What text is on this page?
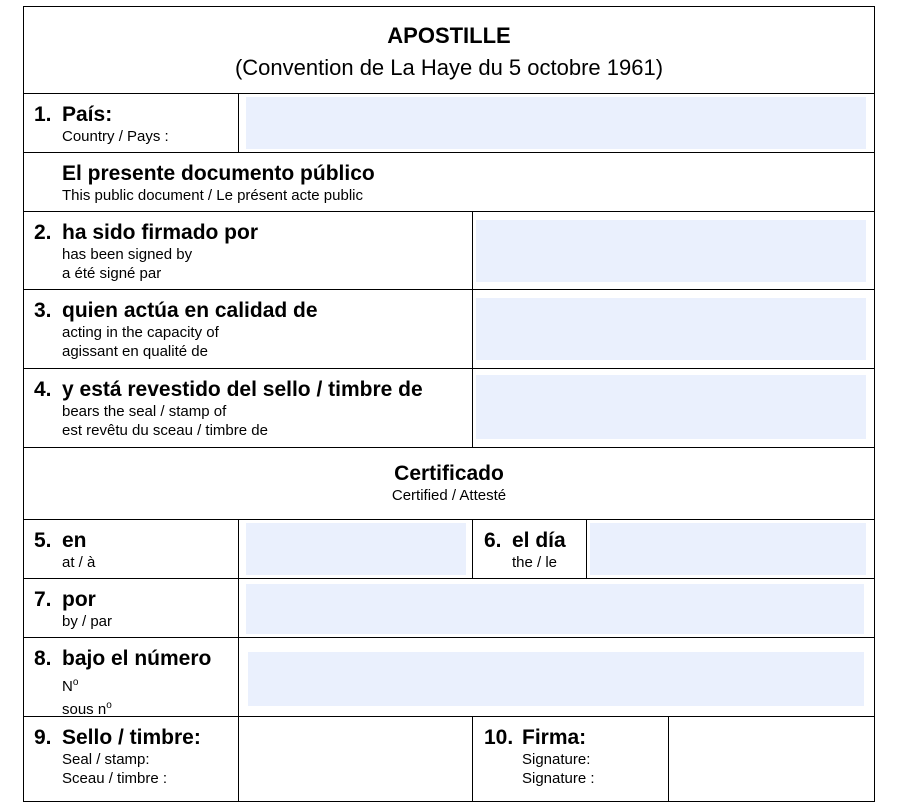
APOSTILLE
(Convention de La Haye du 5 octobre 1961)
1. País:
Country / Pays :
El presente documento público
This public document / Le présent acte public
2. ha sido firmado por
has been signed by
a été signé par
3. quien actúa en calidad de
acting in the capacity of
agissant en qualité de
4. y está revestido del sello / timbre de
bears the seal / stamp of
est revêtu du sceau / timbre de
Certificado
Certified / Attesté
5. en
at / à
6. el día
the / le
7. por
by / par
8. bajo el número
$N^o$
sous $n^o$
9. Sello / timbre:
Seal / stamp:
Sceau / timbre :
10. Firma:
Signature:
Signature :
